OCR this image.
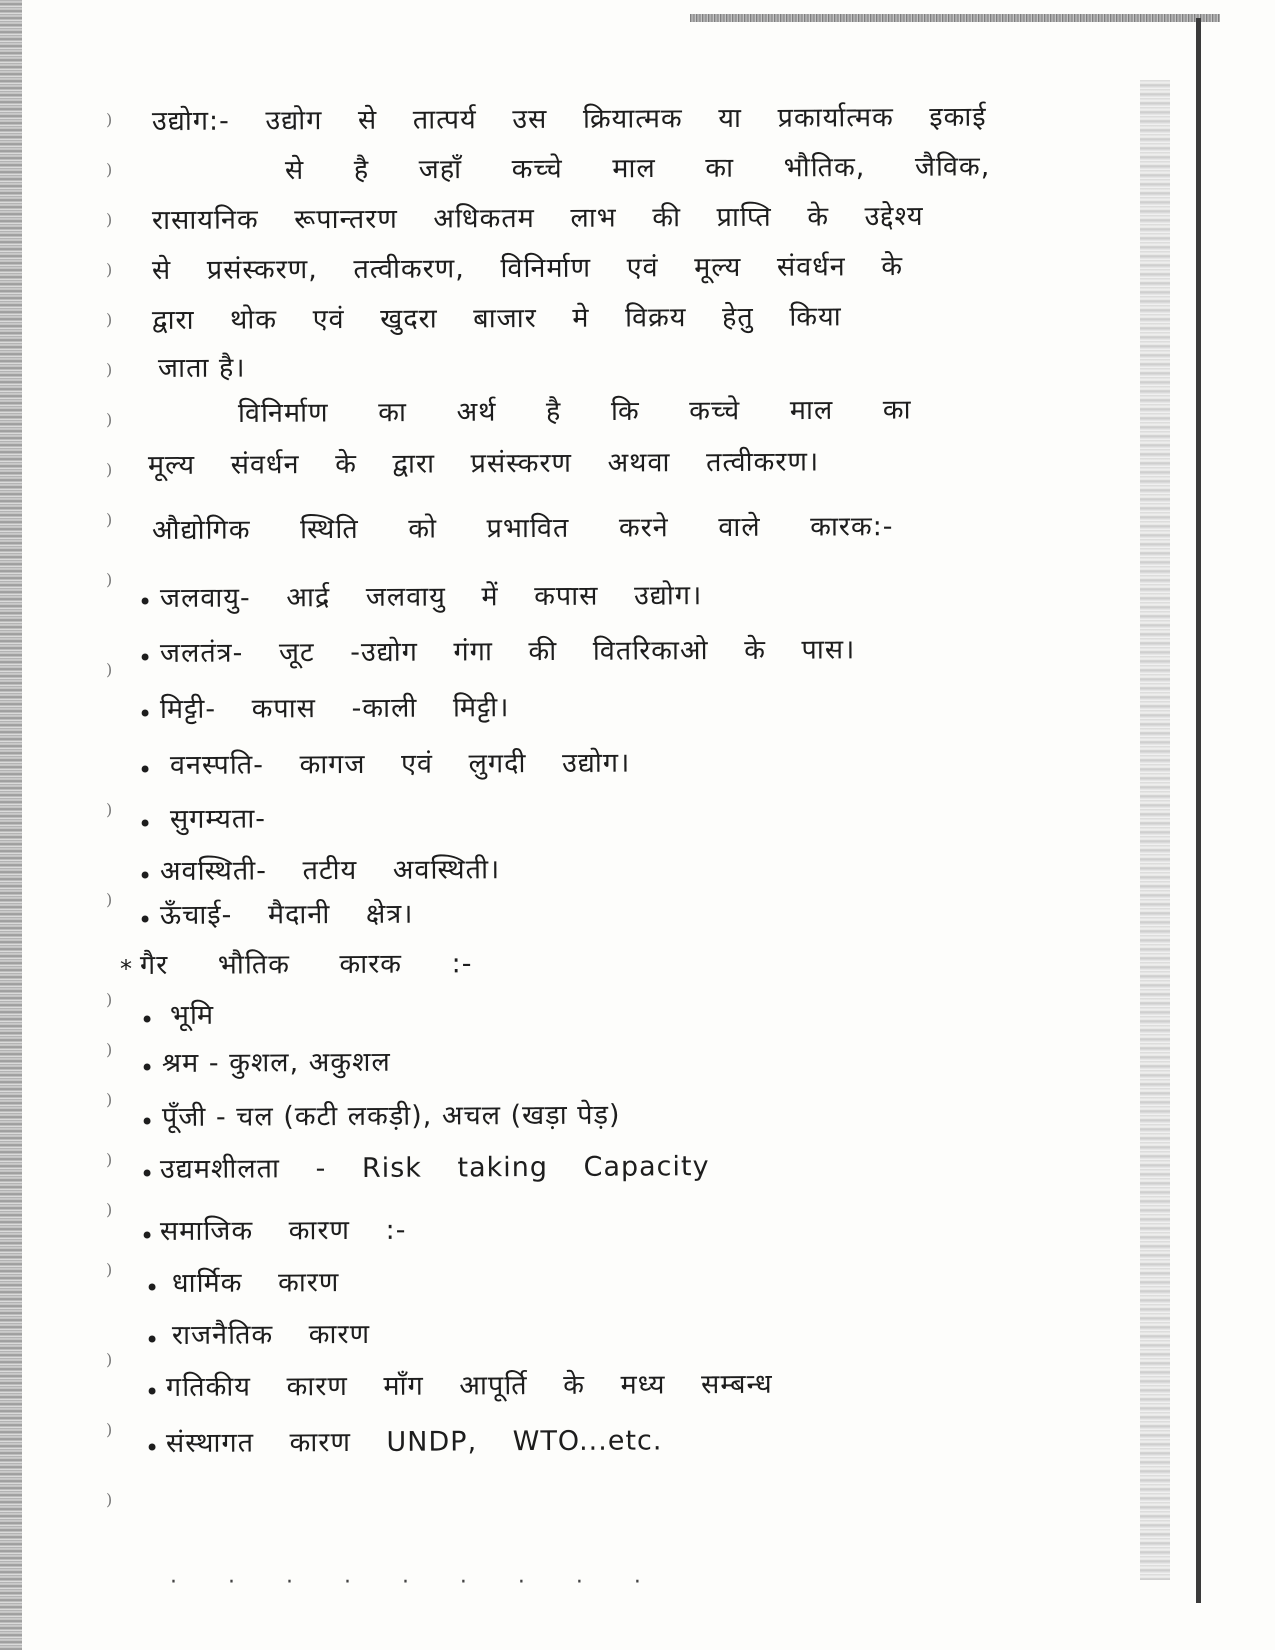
)
)
)
)
)
)
)
)
)
)
)
)
)
)
)
)
)
)
)
)
)
)
उद्योग:- उद्योग से तात्पर्य उस क्रियात्मक या प्रकार्यात्मक इकाई
से है जहाँ कच्चे माल का भौतिक, जैविक,
रासायनिक रूपान्तरण अधिकतम लाभ की प्राप्ति के उद्देश्य
से प्रसंस्करण, तत्वीकरण, विनिर्माण एवं मूल्य संवर्धन के
द्वारा थोक एवं खुदरा बाजार मे विक्रय हेतु किया
जाता है।
विनिर्माण का अर्थ है कि कच्चे माल का
मूल्य संवर्धन के द्वारा प्रसंस्करण अथवा तत्वीकरण।
औद्योगिक स्थिति को प्रभावित करने वाले कारक:-
• जलवायु- आर्द्र जलवायु में कपास उद्योग।
• जलतंत्र- जूट -उद्योग गंगा की वितरिकाओ के पास।
• मिट्टी- कपास -काली मिट्टी।
• वनस्पति- कागज एवं लुगदी उद्योग।
• सुगम्यता-
• अवस्थिती- तटीय अवस्थिती।
• ऊँचाई- मैदानी क्षेत्र।
* गैर भौतिक कारक :-
• भूमि
• श्रम - कुशल, अकुशल
• पूँजी - चल (कटी लकड़ी), अचल (खड़ा पेड़)
• उद्यमशीलता - Risk taking Capacity
• समाजिक कारण :-
• धार्मिक कारण
• राजनैतिक कारण
• गतिकीय कारण माँग आपूर्ति के मध्य सम्बन्ध
• संस्थागत कारण UNDP, WTO...etc.
· · · · · · · · ·
